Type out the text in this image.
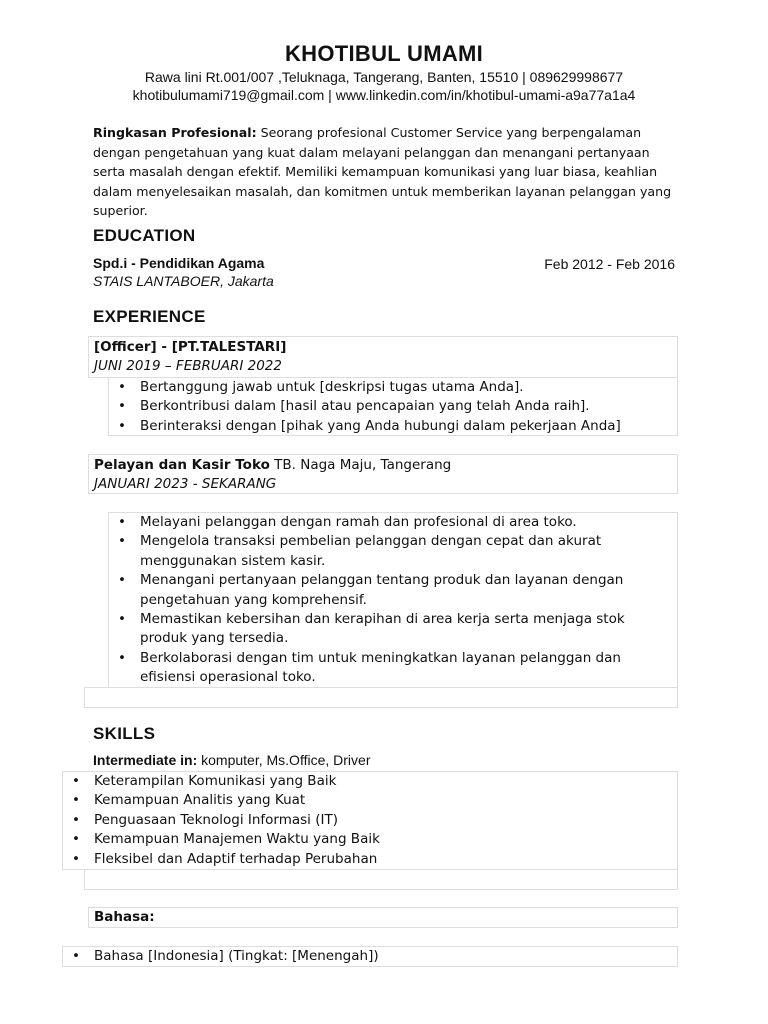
KHOTIBUL UMAMI
Rawa lini Rt.001/007 ,Teluknaga, Tangerang, Banten, 15510 | 089629998677
khotibulumami719@gmail.com | www.linkedin.com/in/khotibul-umami-a9a77a1a4
Ringkasan Profesional: Seorang profesional Customer Service yang berpengalaman dengan pengetahuan yang kuat dalam melayani pelanggan dan menangani pertanyaan serta masalah dengan efektif. Memiliki kemampuan komunikasi yang luar biasa, keahlian dalam menyelesaikan masalah, dan komitmen untuk memberikan layanan pelanggan yang superior.
EDUCATION
Spd.i - Pendidikan Agama	Feb 2012 - Feb 2016
STAIS LANTABOER, Jakarta
EXPERIENCE
[Officer] - [PT.TALESTARI]
JUNI 2019 – FEBRUARI 2022
• Bertanggung jawab untuk [deskripsi tugas utama Anda].
• Berkontribusi dalam [hasil atau pencapaian yang telah Anda raih].
• Berinteraksi dengan [pihak yang Anda hubungi dalam pekerjaan Anda]
Pelayan dan Kasir Toko TB. Naga Maju, Tangerang
JANUARI 2023 - SEKARANG
• Melayani pelanggan dengan ramah dan profesional di area toko.
• Mengelola transaksi pembelian pelanggan dengan cepat dan akurat menggunakan sistem kasir.
• Menangani pertanyaan pelanggan tentang produk dan layanan dengan pengetahuan yang komprehensif.
• Memastikan kebersihan dan kerapihan di area kerja serta menjaga stok produk yang tersedia.
• Berkolaborasi dengan tim untuk meningkatkan layanan pelanggan dan efisiensi operasional toko.
SKILLS
Intermediate in: komputer, Ms.Office, Driver
• Keterampilan Komunikasi yang Baik
• Kemampuan Analitis yang Kuat
• Penguasaan Teknologi Informasi (IT)
• Kemampuan Manajemen Waktu yang Baik
• Fleksibel dan Adaptif terhadap Perubahan
Bahasa:
• Bahasa [Indonesia] (Tingkat: [Menengah])
